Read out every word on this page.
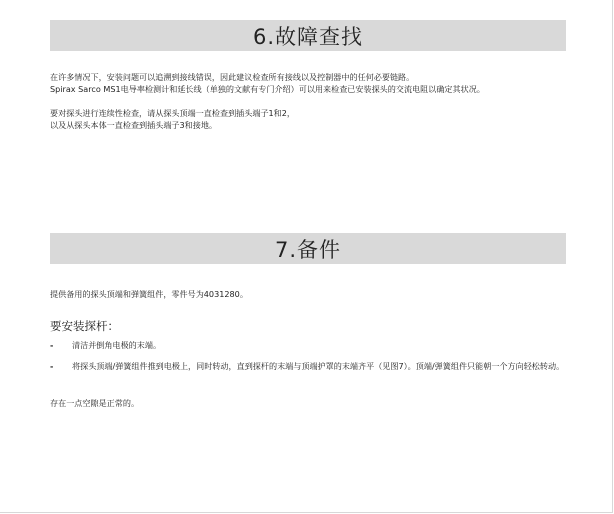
6.故障查找

在许多情况下，安装问题可以追溯到接线错误，因此建议检查所有接线以及控制器中的任何必要链路。

Spirax Sarco MS1电导率检测计和延长线（单独的文献有专门介绍）可以用来检查已安装探头的交流电阻以确定其状况。

要对探头进行连续性检查，请从探头顶端一直检查到插头端子1和2，

以及从探头本体一直检查到插头端子3和接地。

7.备件

提供备用的探头顶端和弹簧组件，零件号为4031280。

要安装探杆：

-	清洁并倒角电极的末端。
-	将探头顶端/弹簧组件推到电极上，同时转动，直到探杆的末端与顶端护罩的末端齐平（见图7）。顶端/弹簧组件只能朝一个方向轻松转动。

存在一点空隙是正常的。
